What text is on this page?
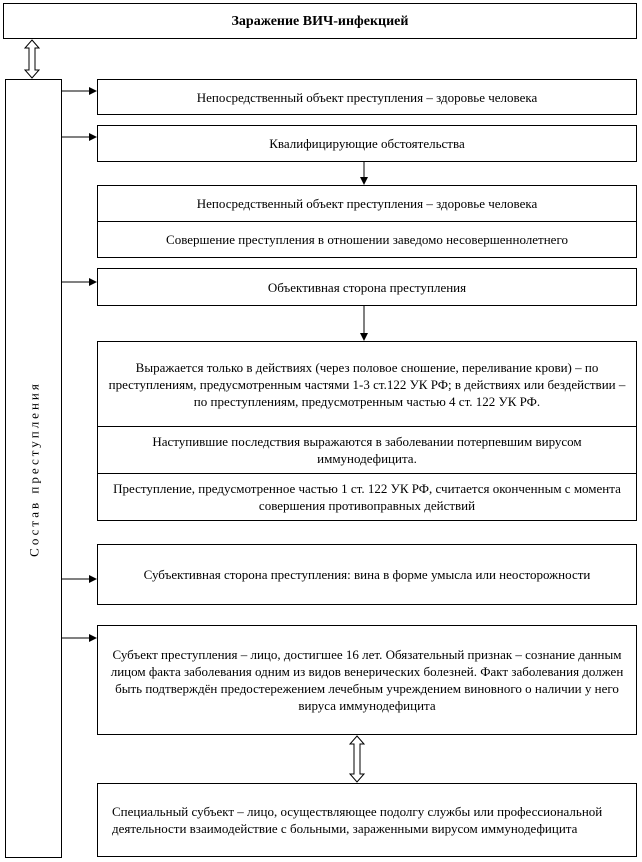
Заражение ВИЧ-инфекцией
Состав преступления
Непосредственный объект преступления – здоровье человека
Квалифицирующие обстоятельства
Непосредственный объект преступления – здоровье человека
Совершение преступления в отношении заведомо несовершеннолетнего
Объективная сторона преступления
Выражается только в действиях (через половое сношение, переливание крови) – по преступлениям, предусмотренным частями 1-3 ст.122 УК РФ; в действиях или бездействии – по преступлениям, предусмотренным частью 4 ст. 122 УК РФ.
Наступившие последствия выражаются в заболевании потерпевшим вирусом иммунодефицита.
Преступление, предусмотренное частью 1 ст. 122 УК РФ, считается оконченным с момента совершения противоправных действий
Субъективная сторона преступления: вина в форме умысла или неосторожности
Субъект преступления – лицо, достигшее 16 лет. Обязательный признак – сознание данным лицом факта заболевания одним из видов венерических болезней. Факт заболевания должен быть подтверждён предостережением лечебным учреждением виновного о наличии у него вируса иммунодефицита
Специальный субъект – лицо, осуществляющее подолгу службы или профессиональной деятельности взаимодействие с больными, зараженными вирусом иммунодефицита
